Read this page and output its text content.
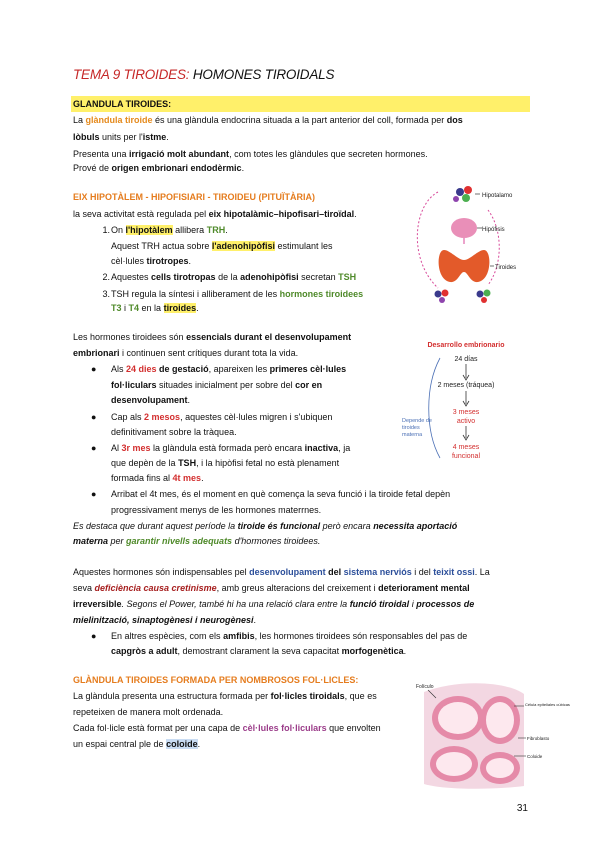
TEMA 9 TIROIDES: HOMONES TIROIDALS
GLANDULA TIROIDES:
La glàndula tiroide és una glàndula endocrina situada a la part anterior del coll, formada per dos
lòbuls units per l'istme.
Presenta una irrigació molt abundant, com totes les glàndules que secreten hormones.
Prové de origen embrionari endodèrmic.
EIX HIPOTÀLEM - HIPOFISIARI - TIROIDEU (PITUÏTÀRIA)
la seva activitat està regulada pel eix hipotalàmic–hipofisari–tiroïdal.
1. On l'hipotàlem allibera TRH.
Aquest TRH actua sobre l'adenohipòfisi estimulant les
cèl·lules tirotropes.
2. Aquestes cells tirotropas de la adenohipòfisi secretan TSH
3. TSH regula la síntesi i alliberament de les hormones tiroidees
T3 i T4 en la tiroides.
Hipotalamo
Hipófisis
Tiroides
Les hormones tiroidees són essencials durant el desenvolupament
embrionari i continuen sent crítiques durant tota la vida.
● Als 24 dies de gestació, apareixen les primeres cèl·lules
fol·liculars situades inicialment per sobre del cor en
desenvolupament.
● Cap als 2 mesos, aquestes cèl·lules migren i s'ubiquen
definitivament sobre la tràquea.
● Al 3r mes la glàndula està formada però encara inactiva, ja
que depèn de la TSH, i la hipòfisi fetal no està plenament
formada fins al 4t mes.
● Arribat el 4t mes, és el moment en què comença la seva funció i la tiroide fetal depèn
progressivament menys de les hormones materrnes.
Es destaca que durant aquest període la tiroide és funcional però encara necessita aportació
materna per garantir nivells adequats d'hormones tiroidees.
Desarrollo embrionario
24 días
2 meses (tráquea)
3 meses
activo
4 meses
funcional
Depende de
tiroides
materna
Aquestes hormones són indispensables pel desenvolupament del sistema nerviós i del teixit ossi. La
seva deficiència causa cretinisme, amb greus alteracions del creixement i deteriorament mental
irreversible. Segons el Power, també hi ha una relació clara entre la funció tiroidal i processos de
mielinització, sinaptogènesi i neurogènesi.
● En altres espècies, com els amfibis, les hormones tiroidees són responsables del pas de
capgròs a adult, demostrant clarament la seva capacitat morfogenètica.
GLÀNDULA TIROIDES FORMADA PER NOMBROSOS FOL·LICLES:
La glàndula presenta una estructura formada per fol·licles tiroidals, que es
repeteixen de manera molt ordenada.
Cada fol·licle està format per una capa de cèl·lules fol·liculars que envolten
un espai central ple de coloide.
Folículo
Célula epiteliales cúbicas
Fibroblasto
Coloide
31
